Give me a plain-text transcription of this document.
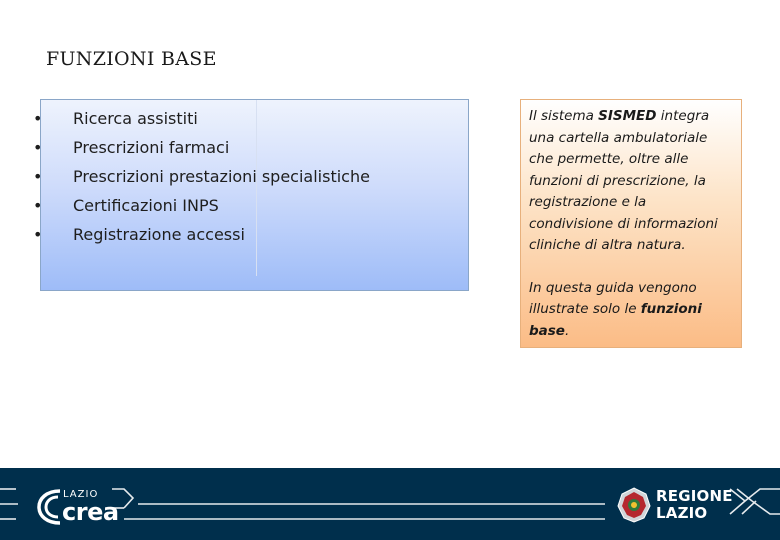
FUNZIONI BASE
• Ricerca assistiti
• Prescrizioni farmaci
• Prescrizioni prestazioni specialistiche
• Certificazioni INPS
• Registrazione accessi

Il sistema SISMED integra una cartella ambulatoriale che permette, oltre alle funzioni di prescrizione, la registrazione e la condivisione di informazioni cliniche di altra natura.

In questa guida vengono illustrate solo le funzioni base.

LAZIO
crea
REGIONE
LAZIO
